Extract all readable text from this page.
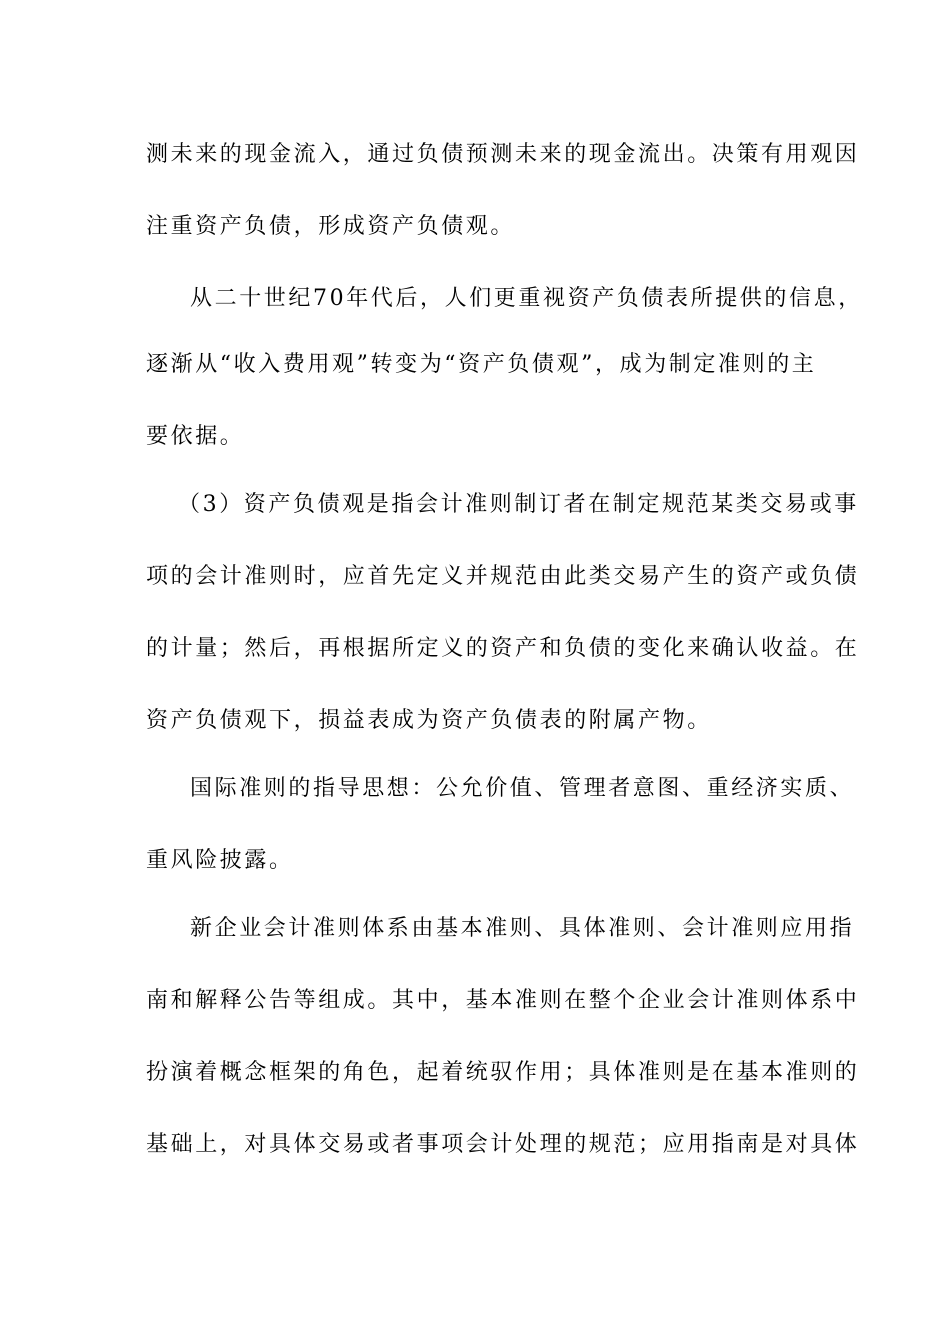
测未来的现金流入，通过负债预测未来的现金流出。决策有用观因
注重资产负债，形成资产负债观。
从二十世纪70年代后，人们更重视资产负债表所提供的信息，
逐渐从“收入费用观”转变为“资产负债观”，成为制定准则的主
要依据。
（3）资产负债观是指会计准则制订者在制定规范某类交易或事
项的会计准则时，应首先定义并规范由此类交易产生的资产或负债
的计量；然后，再根据所定义的资产和负债的变化来确认收益。在
资产负债观下，损益表成为资产负债表的附属产物。
国际准则的指导思想：公允价值、管理者意图、重经济实质、
重风险披露。
新企业会计准则体系由基本准则、具体准则、会计准则应用指
南和解释公告等组成。其中，基本准则在整个企业会计准则体系中
扮演着概念框架的角色，起着统驭作用；具体准则是在基本准则的
基础上，对具体交易或者事项会计处理的规范；应用指南是对具体
